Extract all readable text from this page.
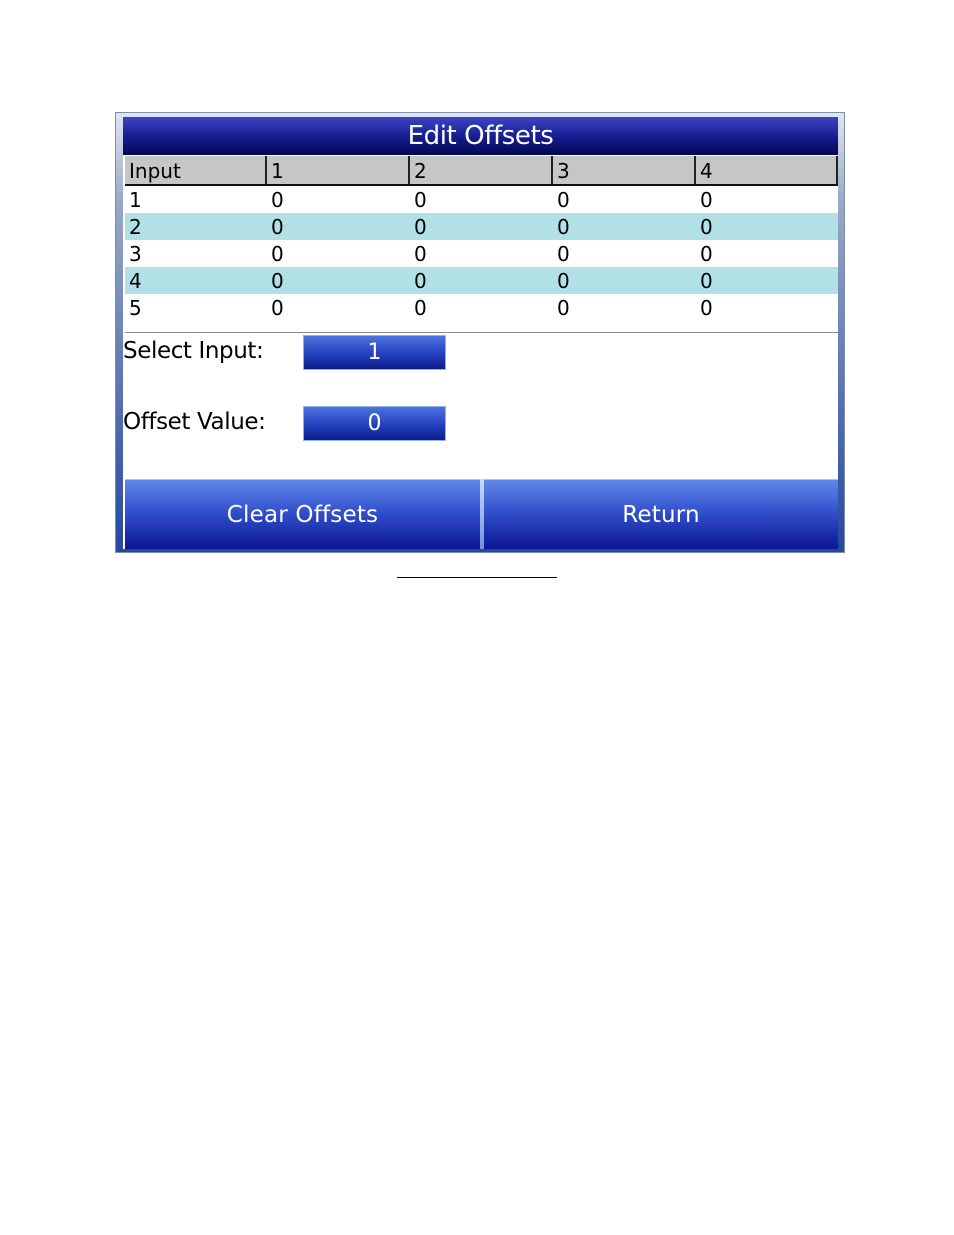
Edit Offsets
Input	1	2	3	4
1	0	0	0	0
2	0	0	0	0
3	0	0	0	0
4	0	0	0	0
5	0	0	0	0
Select Input:	1
Offset Value:	0
Clear Offsets	Return
